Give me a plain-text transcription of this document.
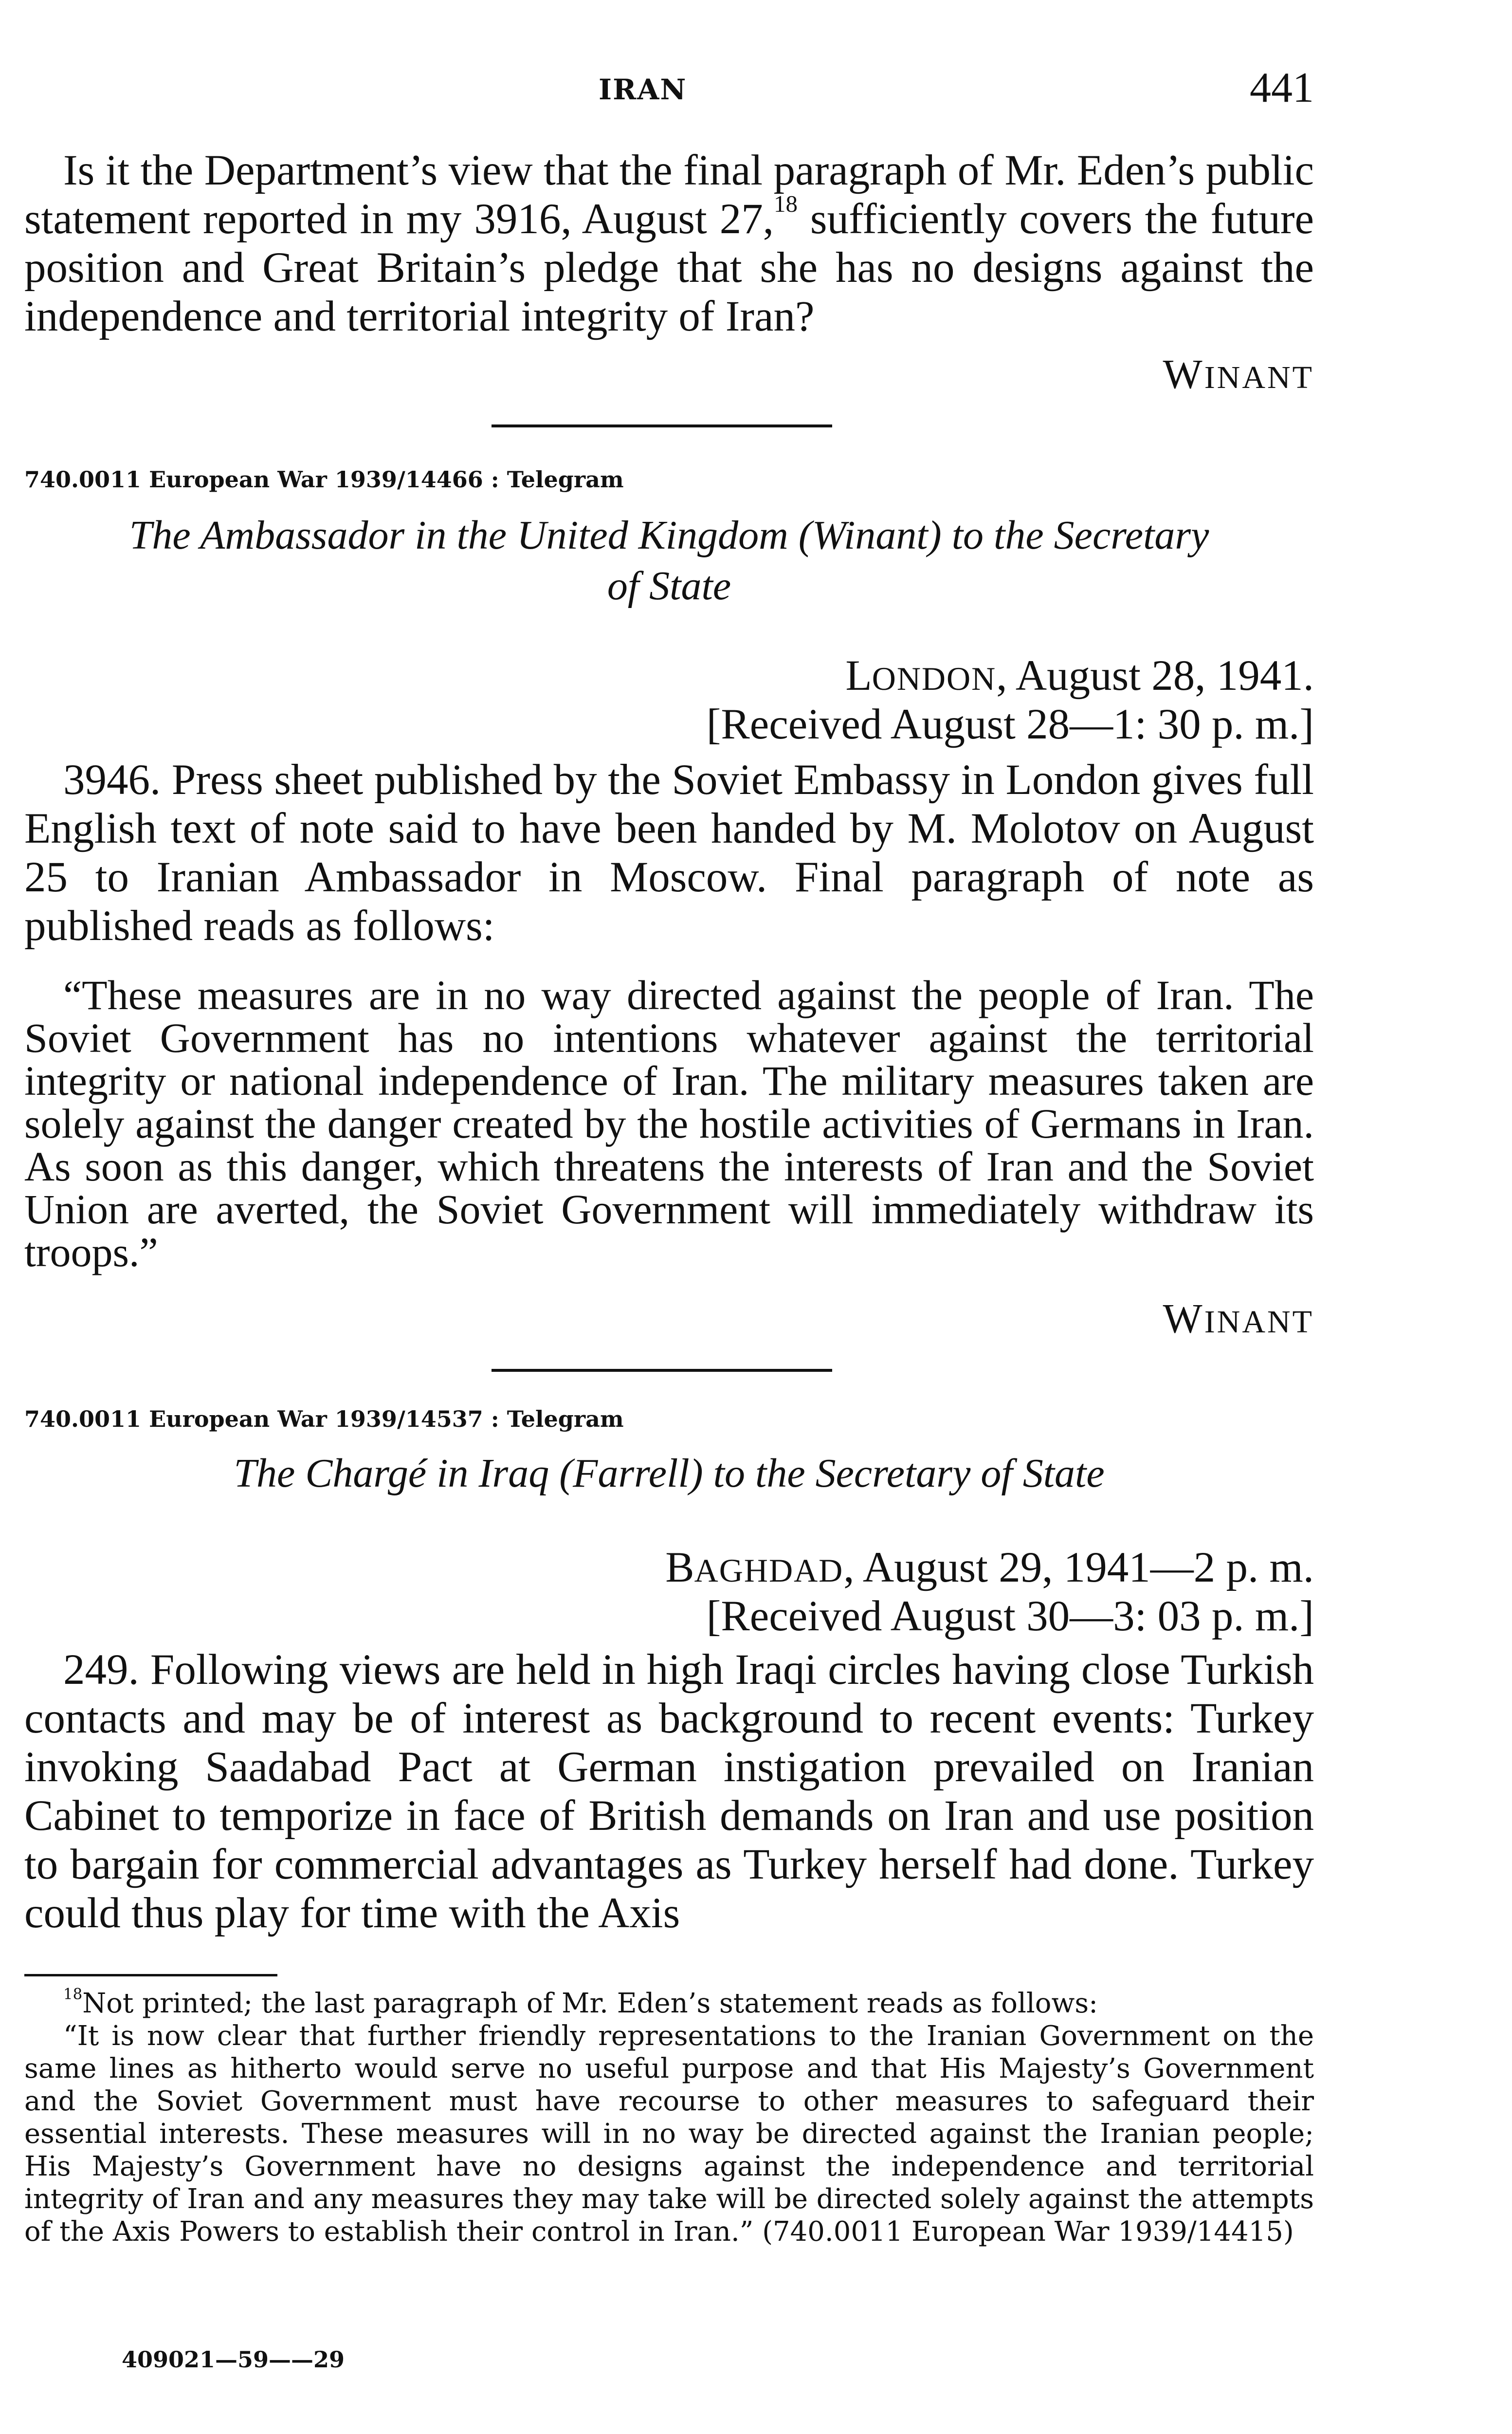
IRAN	441

Is it the Department’s view that the final paragraph of Mr. Eden’s public statement reported in my 3916, August 27,18 sufficiently covers the future position and Great Britain’s pledge that she has no designs against the independence and territorial integrity of Iran?

WINANT
740.0011 European War 1939/14466 : Telegram
The Ambassador in the United Kingdom (Winant) to the Secretary
of State
LONDON, August 28, 1941.
[Received August 28—1: 30 p. m.]

3946. Press sheet published by the Soviet Embassy in London gives full English text of note said to have been handed by M. Molotov on August 25 to Iranian Ambassador in Moscow. Final paragraph of note as published reads as follows:

“These measures are in no way directed against the people of Iran. The Soviet Government has no intentions whatever against the territorial integrity or national independence of Iran. The military measures taken are solely against the danger created by the hostile activities of Germans in Iran. As soon as this danger, which threatens the interests of Iran and the Soviet Union are averted, the Soviet Government will immediately withdraw its troops.”

WINANT
740.0011 European War 1939/14537 : Telegram
The Chargé in Iraq (Farrell) to the Secretary of State
BAGHDAD, August 29, 1941—2 p. m.
[Received August 30—3: 03 p. m.]

249. Following views are held in high Iraqi circles having close Turkish contacts and may be of interest as background to recent events: Turkey invoking Saadabad Pact at German instigation prevailed on Iranian Cabinet to temporize in face of British demands on Iran and use position to bargain for commercial advantages as Turkey herself had done. Turkey could thus play for time with the Axis

$^{18}$Not printed; the last paragraph of Mr. Eden’s statement reads as follows:
“It is now clear that further friendly representations to the Iranian Government on the same lines as hitherto would serve no useful purpose and that His Majesty’s Government and the Soviet Government must have recourse to other measures to safeguard their essential interests. These measures will in no way be directed against the Iranian people; His Majesty’s Government have no designs against the independence and territorial integrity of Iran and any measures they may take will be directed solely against the attempts of the Axis Powers to establish their control in Iran.” (740.0011 European War 1939/14415)

409021—59——29
